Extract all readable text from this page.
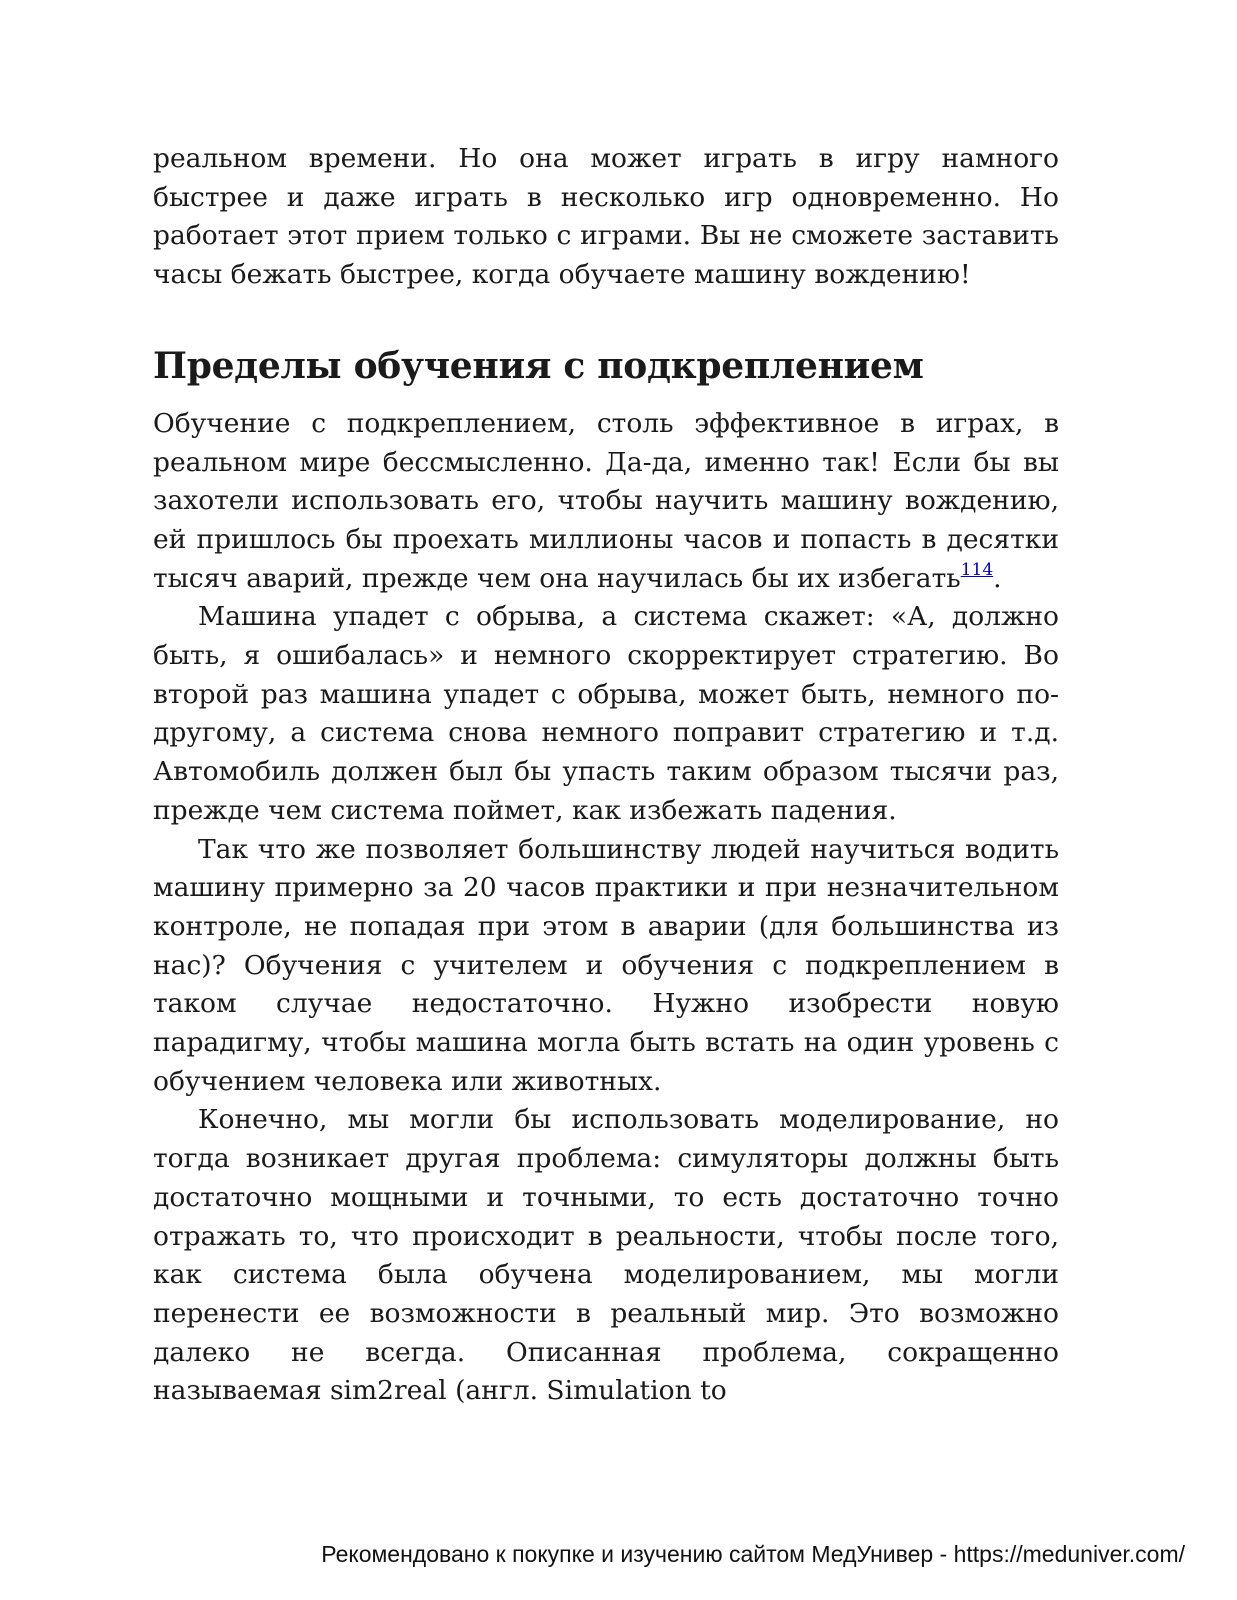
реальном времени. Но она может играть в игру намного быстрее и даже играть в несколько игр одновременно. Но работает этот прием только с играми. Вы не сможете заставить часы бежать быстрее, когда обучаете машину вождению!

Пределы обучения с подкреплением

Обучение с подкреплением, столь эффективное в играх, в реальном мире бессмысленно. Да-да, именно так! Если бы вы захотели использовать его, чтобы научить машину вождению, ей пришлось бы проехать миллионы часов и попасть в десятки тысяч аварий, прежде чем она научилась бы их избегать$^{114}$.

Машина упадет с обрыва, а система скажет: «А, должно быть, я ошибалась» и немного скорректирует стратегию. Во второй раз машина упадет с обрыва, может быть, немного по-другому, а система снова немного поправит стратегию и т.д. Автомобиль должен был бы упасть таким образом тысячи раз, прежде чем система поймет, как избежать падения.

Так что же позволяет большинству людей научиться водить машину примерно за 20 часов практики и при незначительном контроле, не попадая при этом в аварии (для большинства из нас)? Обучения с учителем и обучения с подкреплением в таком случае недостаточно. Нужно изобрести новую парадигму, чтобы машина могла быть встать на один уровень с обучением человека или животных.

Конечно, мы могли бы использовать моделирование, но тогда возникает другая проблема: симуляторы должны быть достаточно мощными и точными, то есть достаточно точно отражать то, что происходит в реальности, чтобы после того, как система была обучена моделированием, мы могли перенести ее возможности в реальный мир. Это возможно далеко не всегда. Описанная проблема, сокращенно называемая sim2real (англ. Simulation to

Рекомендовано к покупке и изучению сайтом МедУнивер - https://meduniver.com/
